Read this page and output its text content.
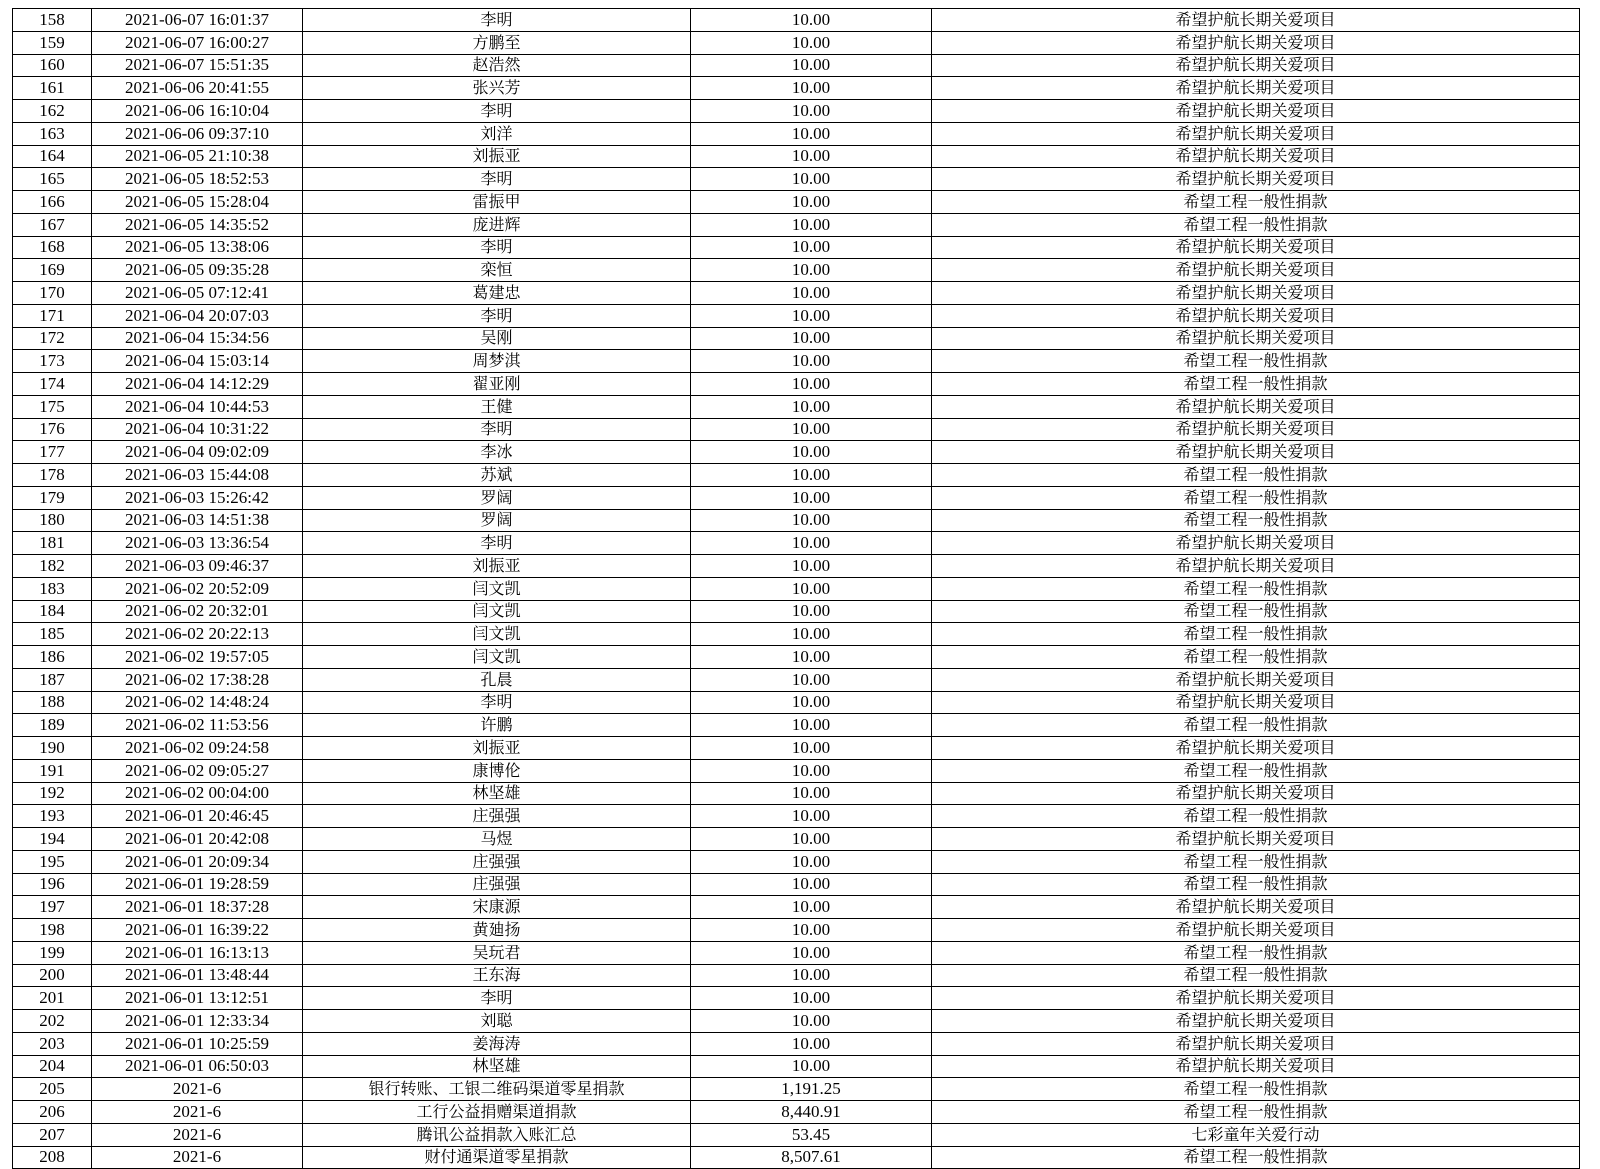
158	2021-06-07 16:01:37	李明	10.00	希望护航长期关爱项目
159	2021-06-07 16:00:27	方鹏至	10.00	希望护航长期关爱项目
160	2021-06-07 15:51:35	赵浩然	10.00	希望护航长期关爱项目
161	2021-06-06 20:41:55	张兴芳	10.00	希望护航长期关爱项目
162	2021-06-06 16:10:04	李明	10.00	希望护航长期关爱项目
163	2021-06-06 09:37:10	刘洋	10.00	希望护航长期关爱项目
164	2021-06-05 21:10:38	刘振亚	10.00	希望护航长期关爱项目
165	2021-06-05 18:52:53	李明	10.00	希望护航长期关爱项目
166	2021-06-05 15:28:04	雷振甲	10.00	希望工程一般性捐款
167	2021-06-05 14:35:52	庞进辉	10.00	希望工程一般性捐款
168	2021-06-05 13:38:06	李明	10.00	希望护航长期关爱项目
169	2021-06-05 09:35:28	栾恒	10.00	希望护航长期关爱项目
170	2021-06-05 07:12:41	葛建忠	10.00	希望护航长期关爱项目
171	2021-06-04 20:07:03	李明	10.00	希望护航长期关爱项目
172	2021-06-04 15:34:56	吴刚	10.00	希望护航长期关爱项目
173	2021-06-04 15:03:14	周梦淇	10.00	希望工程一般性捐款
174	2021-06-04 14:12:29	翟亚刚	10.00	希望工程一般性捐款
175	2021-06-04 10:44:53	王健	10.00	希望护航长期关爱项目
176	2021-06-04 10:31:22	李明	10.00	希望护航长期关爱项目
177	2021-06-04 09:02:09	李冰	10.00	希望护航长期关爱项目
178	2021-06-03 15:44:08	苏斌	10.00	希望工程一般性捐款
179	2021-06-03 15:26:42	罗阔	10.00	希望工程一般性捐款
180	2021-06-03 14:51:38	罗阔	10.00	希望工程一般性捐款
181	2021-06-03 13:36:54	李明	10.00	希望护航长期关爱项目
182	2021-06-03 09:46:37	刘振亚	10.00	希望护航长期关爱项目
183	2021-06-02 20:52:09	闫文凯	10.00	希望工程一般性捐款
184	2021-06-02 20:32:01	闫文凯	10.00	希望工程一般性捐款
185	2021-06-02 20:22:13	闫文凯	10.00	希望工程一般性捐款
186	2021-06-02 19:57:05	闫文凯	10.00	希望工程一般性捐款
187	2021-06-02 17:38:28	孔晨	10.00	希望护航长期关爱项目
188	2021-06-02 14:48:24	李明	10.00	希望护航长期关爱项目
189	2021-06-02 11:53:56	许鹏	10.00	希望工程一般性捐款
190	2021-06-02 09:24:58	刘振亚	10.00	希望护航长期关爱项目
191	2021-06-02 09:05:27	康博伦	10.00	希望工程一般性捐款
192	2021-06-02 00:04:00	林坚雄	10.00	希望护航长期关爱项目
193	2021-06-01 20:46:45	庄强强	10.00	希望工程一般性捐款
194	2021-06-01 20:42:08	马煜	10.00	希望护航长期关爱项目
195	2021-06-01 20:09:34	庄强强	10.00	希望工程一般性捐款
196	2021-06-01 19:28:59	庄强强	10.00	希望工程一般性捐款
197	2021-06-01 18:37:28	宋康源	10.00	希望护航长期关爱项目
198	2021-06-01 16:39:22	黄廸扬	10.00	希望护航长期关爱项目
199	2021-06-01 16:13:13	吴玩君	10.00	希望工程一般性捐款
200	2021-06-01 13:48:44	王东海	10.00	希望工程一般性捐款
201	2021-06-01 13:12:51	李明	10.00	希望护航长期关爱项目
202	2021-06-01 12:33:34	刘聪	10.00	希望护航长期关爱项目
203	2021-06-01 10:25:59	姜海涛	10.00	希望护航长期关爱项目
204	2021-06-01 06:50:03	林坚雄	10.00	希望护航长期关爱项目
205	2021-6	银行转账、工银二维码渠道零星捐款	1,191.25	希望工程一般性捐款
206	2021-6	工行公益捐赠渠道捐款	8,440.91	希望工程一般性捐款
207	2021-6	腾讯公益捐款入账汇总	53.45	七彩童年关爱行动
208	2021-6	财付通渠道零星捐款	8,507.61	希望工程一般性捐款
